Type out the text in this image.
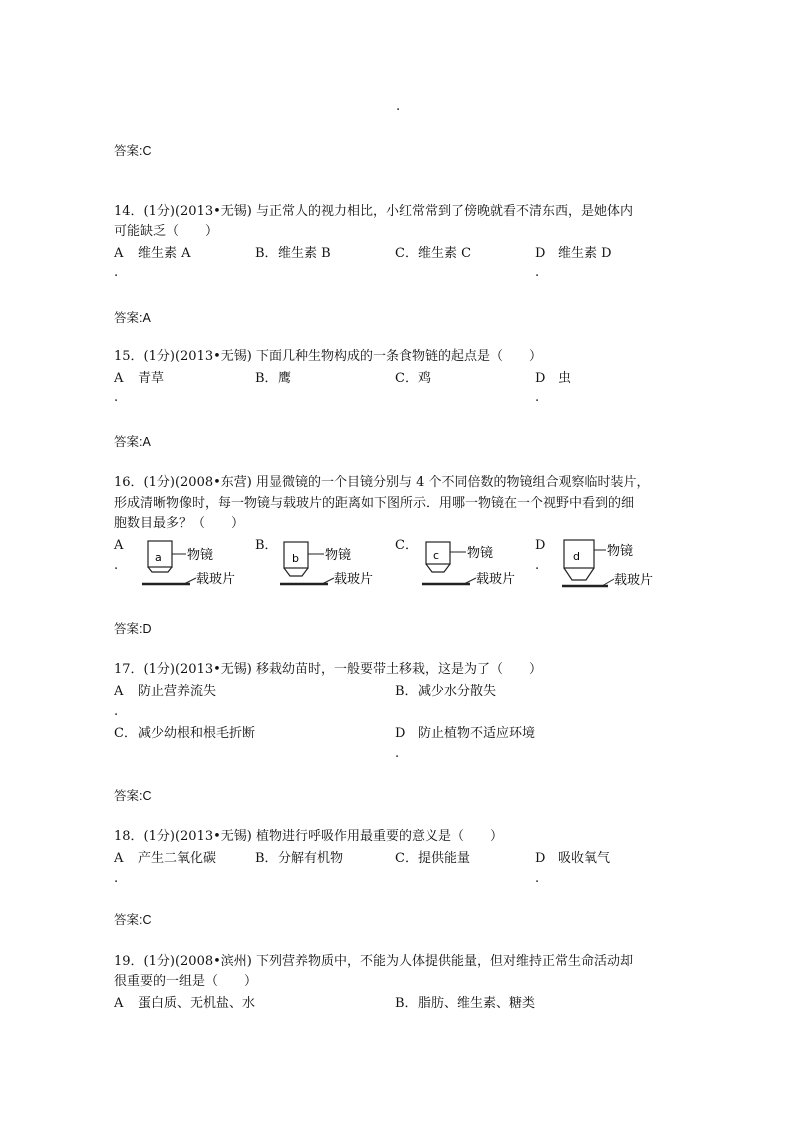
.
答案:C
14．(1分)(2013•无锡) 与正常人的视力相比，小红常常到了傍晚就看不清东西，是她体内
可能缺乏（　　）
A
.
维生素 A	B． 维生素 B	C． 维生素 C	D
.
维生素 D
答案:A
15．(1分)(2013•无锡) 下面几种生物构成的一条食物链的起点是（　　）
A
.
青草	B． 鹰	C． 鸡	D
.
虫
答案:A
16．(1分)(2008•东营) 用显微镜的一个目镜分别与 4 个不同倍数的物镜组合观察临时装片，
形成清晰物像时，每一物镜与载玻片的距离如下图所示．用哪一物镜在一个视野中看到的细
胞数目最多？（　　）
A
.
B．	C．	D
.
a 物镜
载玻片
b 物镜
载玻片
c 物镜
载玻片
d 物镜
载玻片
答案:D
17．(1分)(2013•无锡) 移栽幼苗时，一般要带土移栽，这是为了（　　）
A
.
防止营养流失	B． 减少水分散失
C． 减少幼根和根毛折断	D
.
防止植物不适应环境
答案:C
18．(1分)(2013•无锡) 植物进行呼吸作用最重要的意义是（　　）
A
.
产生二氧化碳	B． 分解有机物	C． 提供能量	D
.
吸收氧气
答案:C
19．(1分)(2008•滨州) 下列营养物质中，不能为人体提供能量，但对维持正常生命活动却
很重要的一组是（　　）
A 蛋白质、无机盐、水	B． 脂肪、维生素、糖类
